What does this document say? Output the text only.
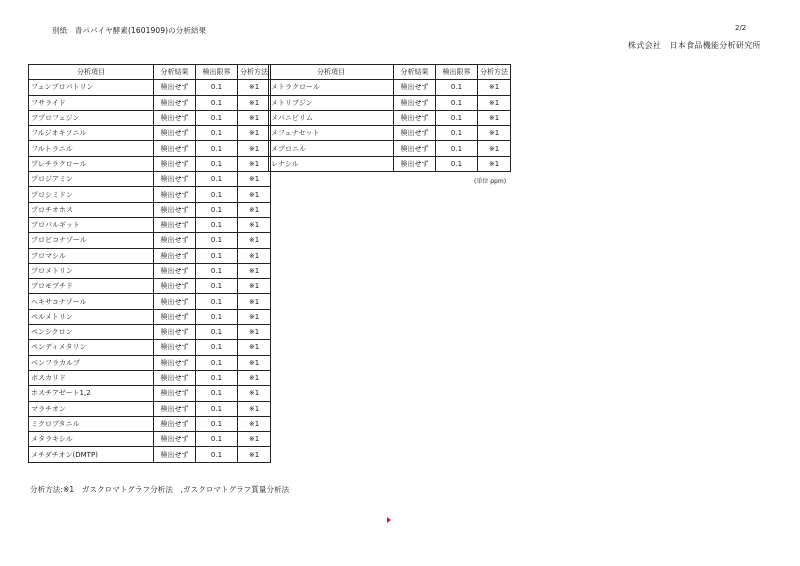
別紙　青パパイヤ酵素(1601909)の分析結果	2/2
株式会社　日本食品機能分析研究所
分析項目	分析結果	検出限界	分析方法
フェンプロパトリン	検出せず	0.1	※1
フサライド	検出せず	0.1	※1
ブプロフェジン	検出せず	0.1	※1
フルジオキソニル	検出せず	0.1	※1
フルトラニル	検出せず	0.1	※1
プレチラクロール	検出せず	0.1	※1
プロジアミン	検出せず	0.1	※1
プロシミドン	検出せず	0.1	※1
プロチオホス	検出せず	0.1	※1
プロパルギット	検出せず	0.1	※1
プロピコナゾール	検出せず	0.1	※1
ブロマシル	検出せず	0.1	※1
プロメトリン	検出せず	0.1	※1
ブロモブチド	検出せず	0.1	※1
ヘキサコナゾール	検出せず	0.1	※1
ペルメトリン	検出せず	0.1	※1
ペンシクロン	検出せず	0.1	※1
ペンディメタリン	検出せず	0.1	※1
ベンフラカルブ	検出せず	0.1	※1
ボスカリド	検出せず	0.1	※1
ホスチアゼート1,2	検出せず	0.1	※1
マラチオン	検出せず	0.1	※1
ミクロブタニル	検出せず	0.1	※1
メタラキシル	検出せず	0.1	※1
メチダチオン(DMTP)	検出せず	0.1	※1
分析項目	分析結果	検出限界	分析方法
メトラクロール	検出せず	0.1	※1
メトリブジン	検出せず	0.1	※1
メパニピリム	検出せず	0.1	※1
メフェナセット	検出せず	0.1	※1
メプロニル	検出せず	0.1	※1
レナシル	検出せず	0.1	※1
(単位 ppm)
分析方法:※1　ガスクロマトグラフ分析法　,ガスクロマトグラフ質量分析法
